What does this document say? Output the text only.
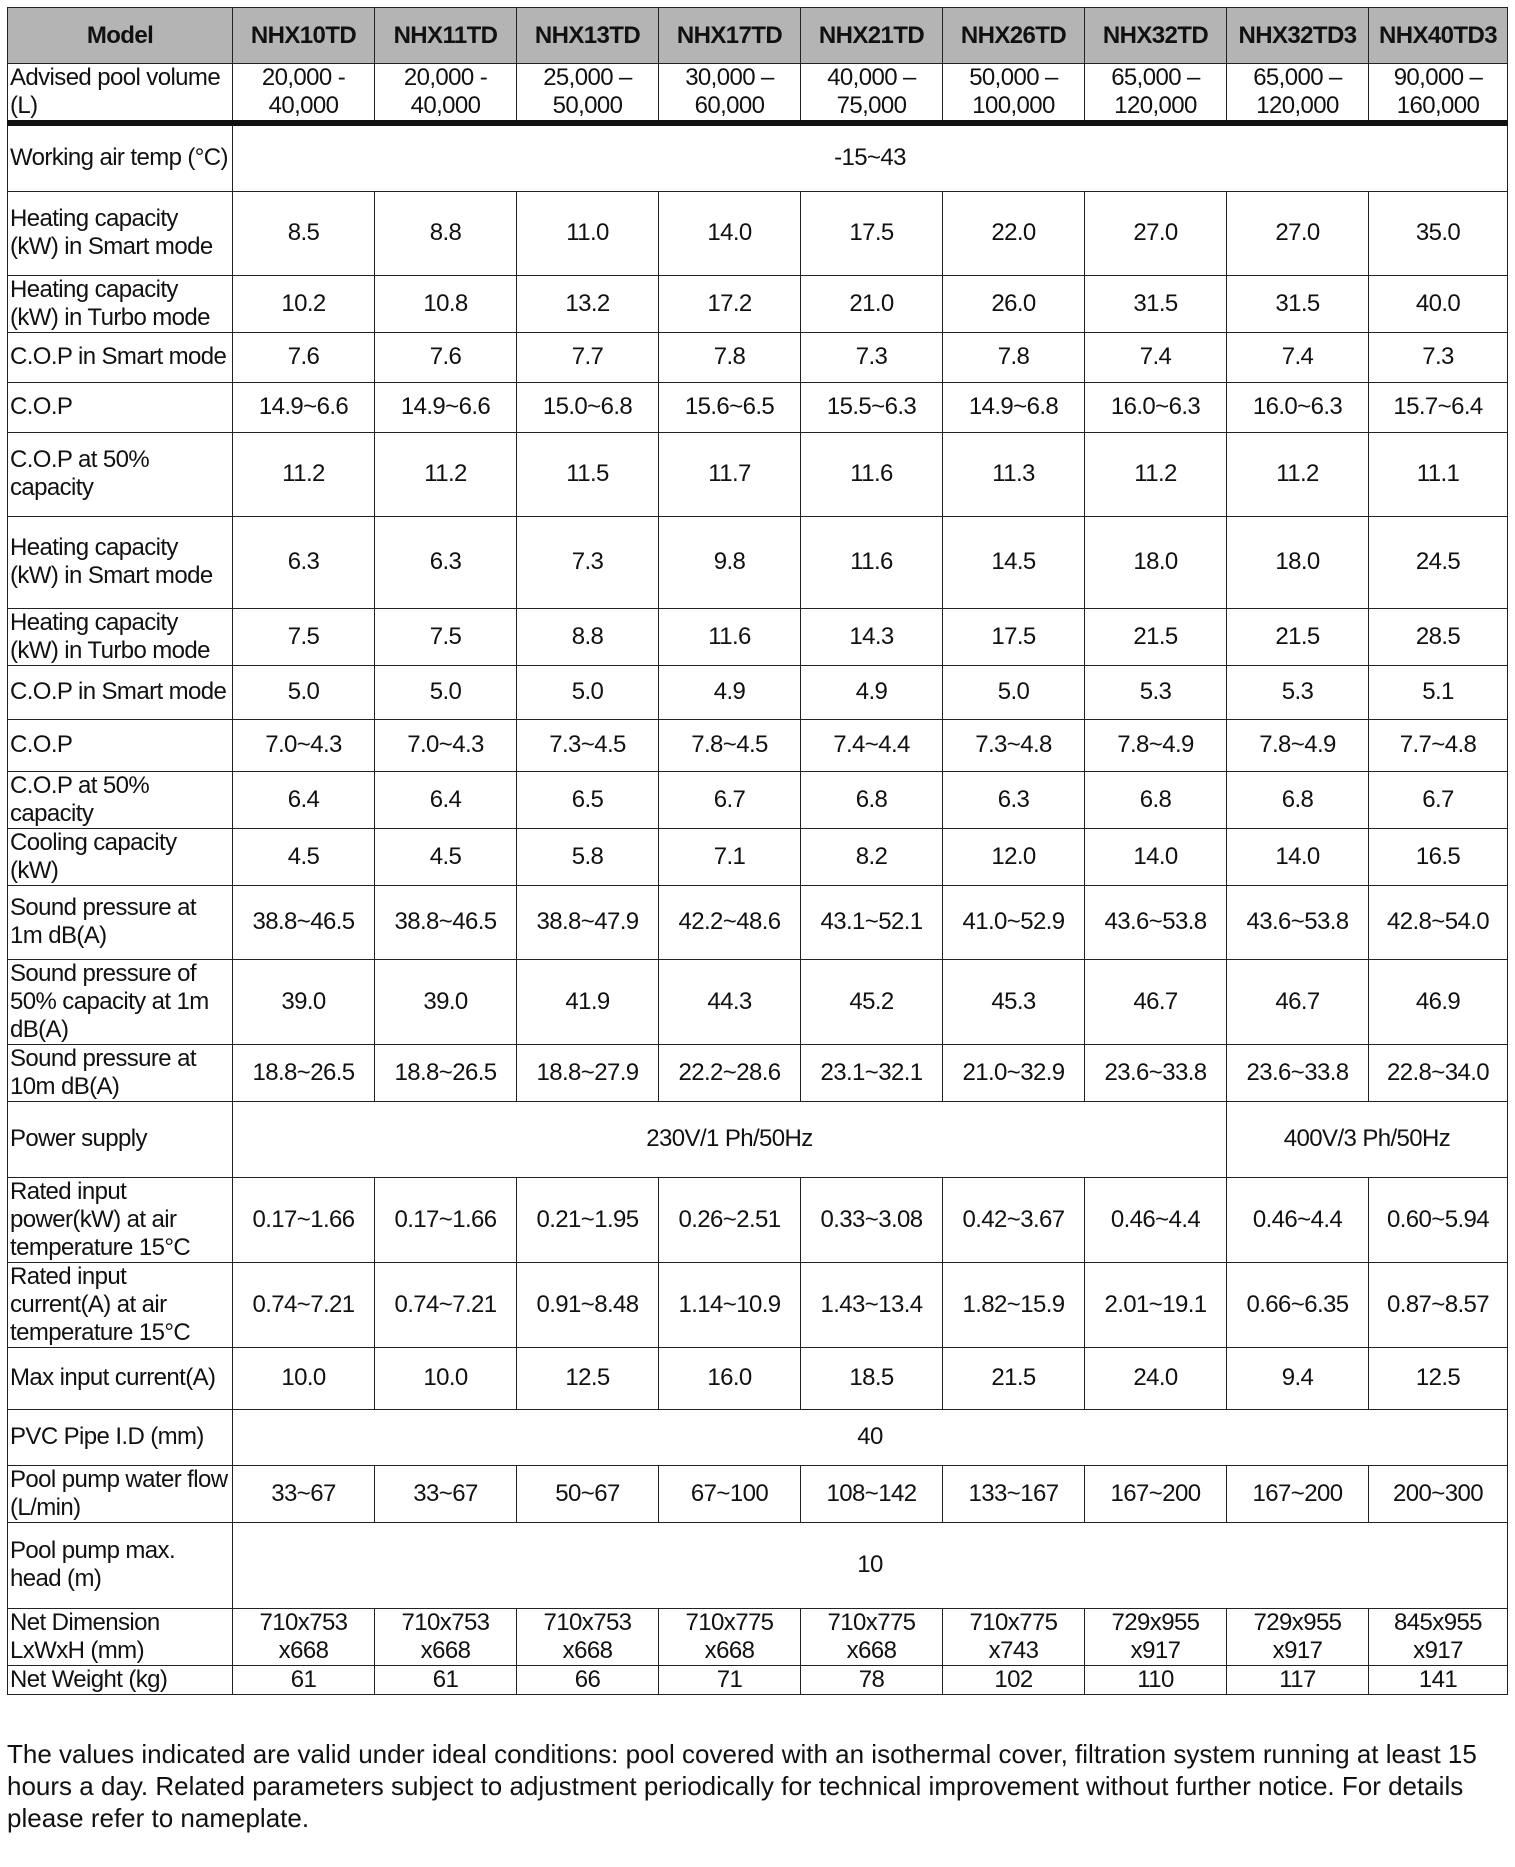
Model	NHX10TD	NHX11TD	NHX13TD	NHX17TD	NHX21TD	NHX26TD	NHX32TD	NHX32TD3	NHX40TD3
Advised pool volume (L)	20,000 - 40,000	20,000 - 40,000	25,000 – 50,000	30,000 – 60,000	40,000 – 75,000	50,000 – 100,000	65,000 – 120,000	65,000 – 120,000	90,000 – 160,000
Working air temp (°C)	-15~43								
Heating capacity (kW) in Smart mode	8.5	8.8	11.0	14.0	17.5	22.0	27.0	27.0	35.0
Heating capacity (kW) in Turbo mode	10.2	10.8	13.2	17.2	21.0	26.0	31.5	31.5	40.0
C.O.P in Smart mode	7.6	7.6	7.7	7.8	7.3	7.8	7.4	7.4	7.3
C.O.P	14.9~6.6	14.9~6.6	15.0~6.8	15.6~6.5	15.5~6.3	14.9~6.8	16.0~6.3	16.0~6.3	15.7~6.4
C.O.P at 50% capacity	11.2	11.2	11.5	11.7	11.6	11.3	11.2	11.2	11.1
Heating capacity (kW) in Smart mode	6.3	6.3	7.3	9.8	11.6	14.5	18.0	18.0	24.5
Heating capacity (kW) in Turbo mode	7.5	7.5	8.8	11.6	14.3	17.5	21.5	21.5	28.5
C.O.P in Smart mode	5.0	5.0	5.0	4.9	4.9	5.0	5.3	5.3	5.1
C.O.P	7.0~4.3	7.0~4.3	7.3~4.5	7.8~4.5	7.4~4.4	7.3~4.8	7.8~4.9	7.8~4.9	7.7~4.8
C.O.P at 50% capacity	6.4	6.4	6.5	6.7	6.8	6.3	6.8	6.8	6.7
Cooling capacity (kW)	4.5	4.5	5.8	7.1	8.2	12.0	14.0	14.0	16.5
Sound pressure at 1m dB(A)	38.8~46.5	38.8~46.5	38.8~47.9	42.2~48.6	43.1~52.1	41.0~52.9	43.6~53.8	43.6~53.8	42.8~54.0
Sound pressure of 50% capacity at 1m dB(A)	39.0	39.0	41.9	44.3	45.2	45.3	46.7	46.7	46.9
Sound pressure at 10m dB(A)	18.8~26.5	18.8~26.5	18.8~27.9	22.2~28.6	23.1~32.1	21.0~32.9	23.6~33.8	23.6~33.8	22.8~34.0
Power supply	230V/1 Ph/50Hz							400V/3 Ph/50Hz	
Rated input power(kW) at air temperature 15°C	0.17~1.66	0.17~1.66	0.21~1.95	0.26~2.51	0.33~3.08	0.42~3.67	0.46~4.4	0.46~4.4	0.60~5.94
Rated input current(A) at air temperature 15°C	0.74~7.21	0.74~7.21	0.91~8.48	1.14~10.9	1.43~13.4	1.82~15.9	2.01~19.1	0.66~6.35	0.87~8.57
Max input current(A)	10.0	10.0	12.5	16.0	18.5	21.5	24.0	9.4	12.5
PVC Pipe I.D (mm)	40								
Pool pump water flow (L/min)	33~67	33~67	50~67	67~100	108~142	133~167	167~200	167~200	200~300
Pool pump max. head (m)	10								
Net Dimension LxWxH (mm)	710x753 x668	710x753 x668	710x753 x668	710x775 x668	710x775 x668	710x775 x743	729x955 x917	729x955 x917	845x955 x917
Net Weight (kg)	61	61	66	71	78	102	110	117	141

The values indicated are valid under ideal conditions: pool covered with an isothermal cover, filtration system running at least 15 hours a day. Related parameters subject to adjustment periodically for technical improvement without further notice. For details please refer to nameplate.
